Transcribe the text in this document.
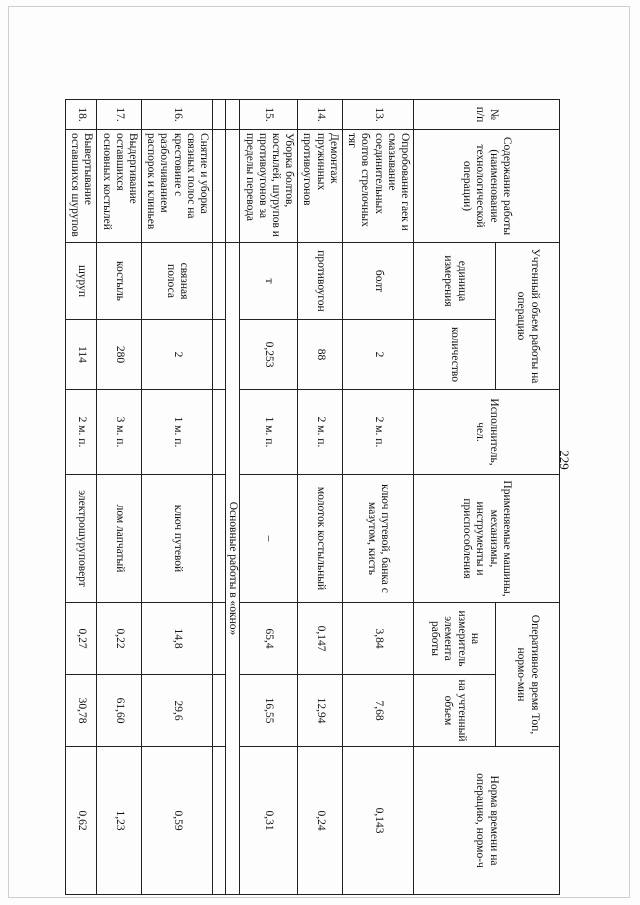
229
№ п/п	Содержание работы (наименование технологической операции)	Учтенный объем работы на операцию		Исполнитель, чел.	Применяемые машины, механизмы, инструменты и приспособления	Оперативное время Топ, нормо-мин		Норма времени на операцию, нормо-ч
		единица измерения	количество			на измеритель элемента работы	на учтенный объем	
13.	Опробование гаек и смазывание соединительных болтов стрелочных тяг	болт	2	2 м. п.	ключ путевой, банка с мазутом, кисть	3,84	7,68	0,143
14.	Демонтаж пружинных противоугонов	противоугон	88	2 м. п.	молоток костыльный	0,147	12,94	0,24
15.	Уборка болтов, костылей, шурупов и противоугонов за пределы перевода	т	0,253	1 м. п.	–	65,4	16,55	0,31
		Основные работы в «окно»						

16.	Снятие и уборка связных полос на крестовине с разболчиванием распорок и клиньев	связная полоса	2	1 м. п.	ключ путевой	14,8	29,6	0,59
17.	Выдергивание оставшихся основных костылей	костыль	280	3 м. п.	лом лапчатый	0,22	61,60	1,23
18.	Вывертывание оставшихся шурупов	шуруп	114	2 м. п.	электрошуруповерт	0,27	30,78	0,62
